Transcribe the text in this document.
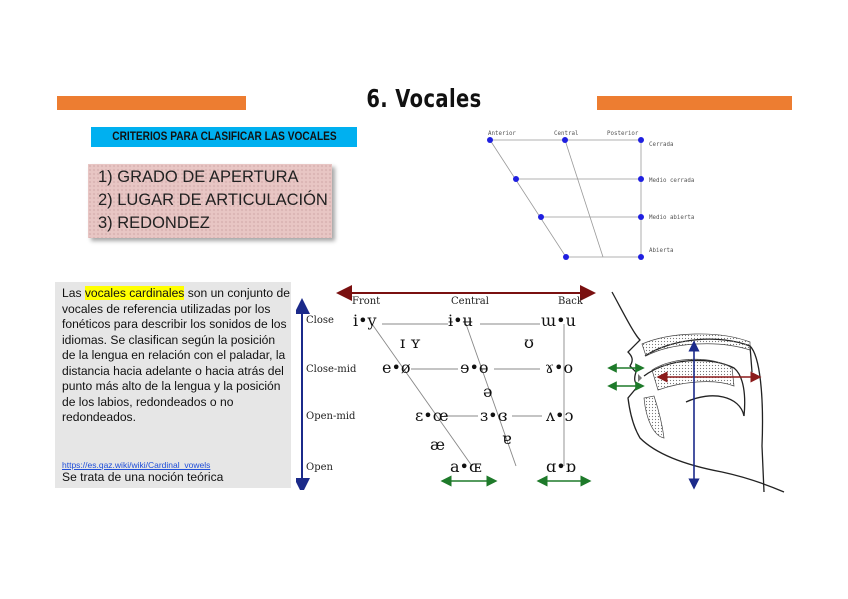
6. Vocales
CRITERIOS PARA CLASIFICAR LAS VOCALES
1) GRADO DE APERTURA
2) LUGAR DE ARTICULACIÓN
3) REDONDEZ
Anterior	Central	Posterior
Cerrada
Medio cerrada
Medio abierta
Abierta
Las vocales cardinales son un conjunto de vocales de referencia utilizadas por los fonéticos para describir los sonidos de los idiomas. Se clasifican según la posición de la lengua en relación con el paladar, la distancia hacia adelante o hacia atrás del punto más alto de la lengua y la posición de los labios, redondeados o no redondeados.
https://es.qaz.wiki/wiki/Cardinal_vowels
Se trata de una noción teórica
Front	Central	Back
Close
Close-mid
Open-mid
Open
i•y	ɨ•ʉ	ɯ•u
ɪ ʏ	ʊ
e•ø	ɘ•ɵ	ɤ•o
ə
ɛ•œ ɜ•ɞ ʌ•ɔ
æ	ɐ
a•ɶ	ɑ•ɒ
